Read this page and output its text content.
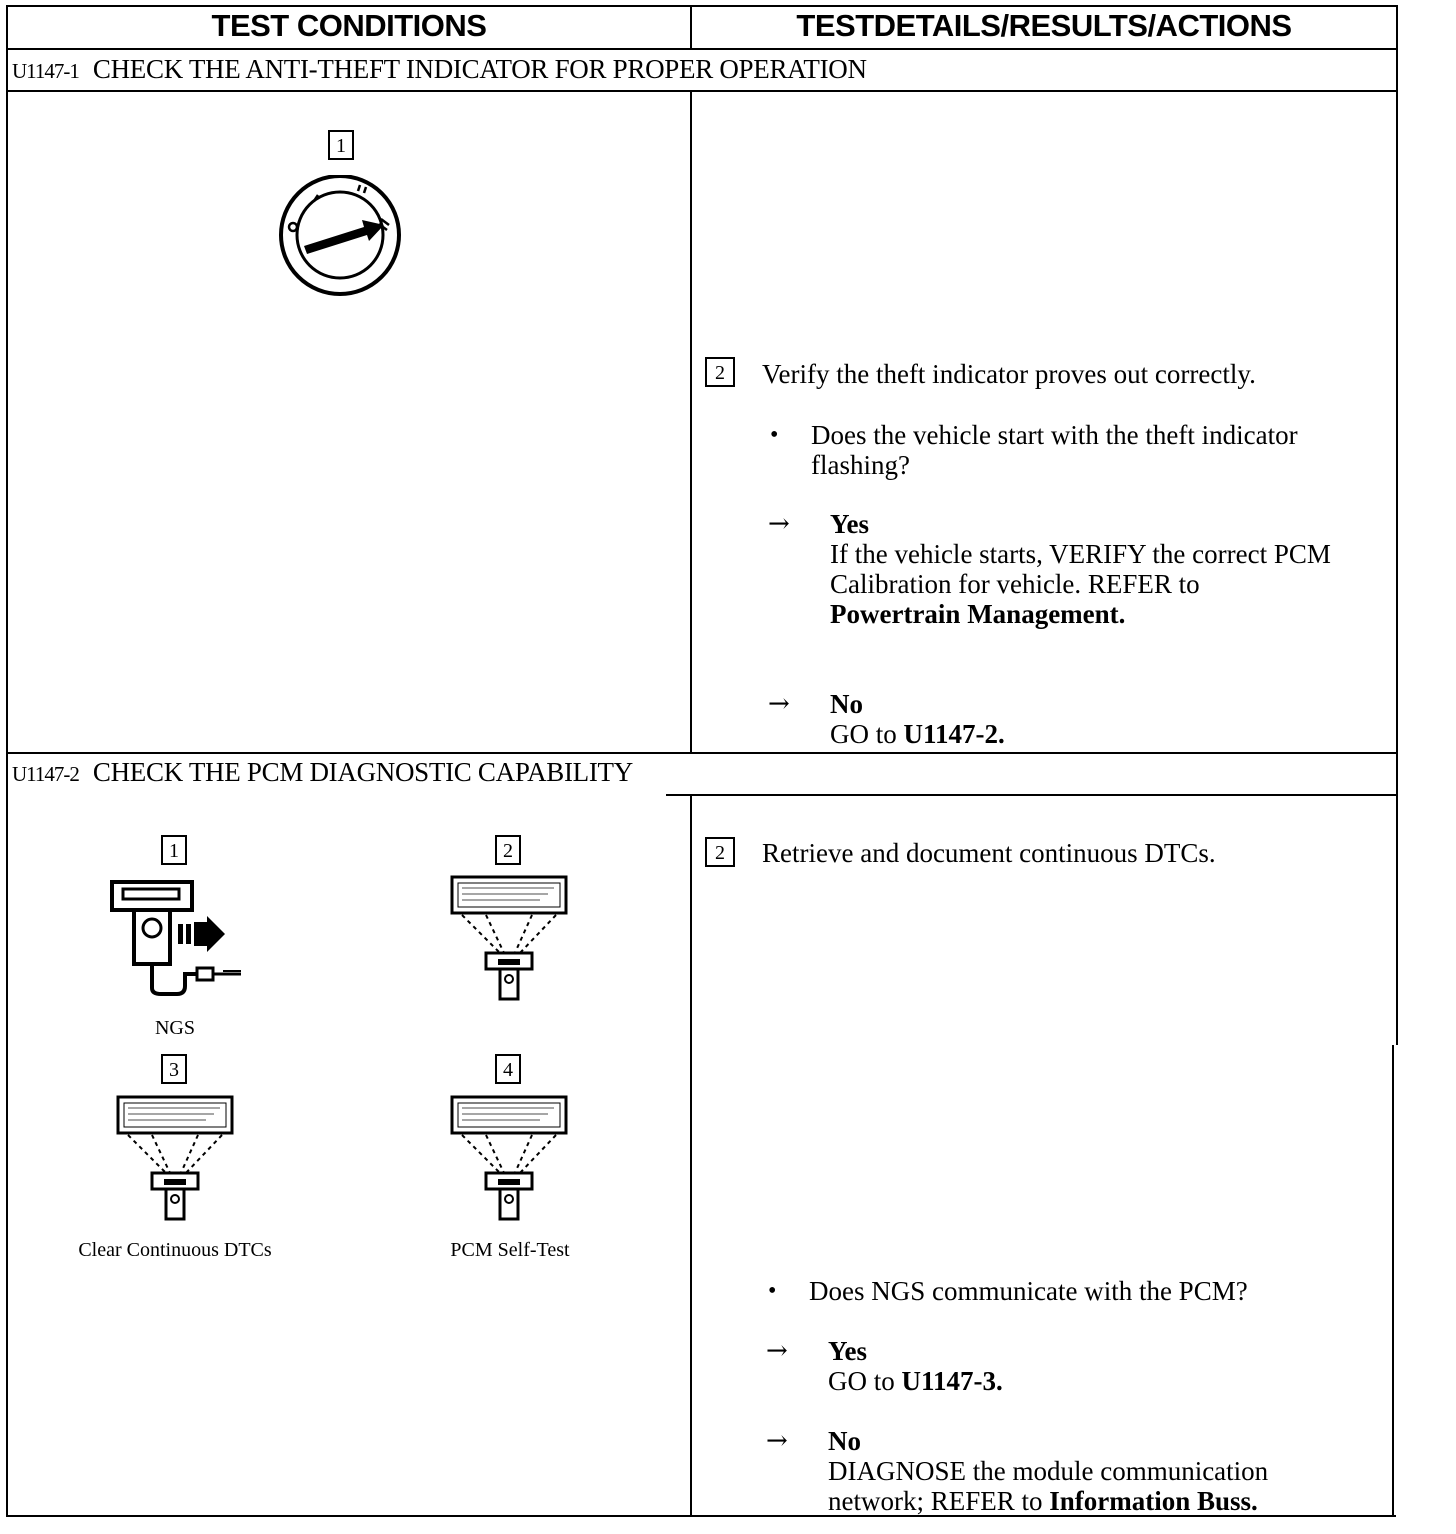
TEST CONDITIONS	TESTDETAILS/RESULTS/ACTIONS
U1147-1 CHECK THE ANTI-THEFT INDICATOR FOR PROPER OPERATION
1
2	Verify the theft indicator proves out correctly.
• Does the vehicle start with the theft indicator flashing?
→ Yes
If the vehicle starts, VERIFY the correct PCM Calibration for vehicle. REFER to
Powertrain Management.
→ No
GO to U1147-2.
U1147-2 CHECK THE PCM DIAGNOSTIC CAPABILITY
1	2
3	4
NGS
Clear Continuous DTCs	PCM Self-Test
2	Retrieve and document continuous DTCs.
• Does NGS communicate with the PCM?
→ Yes
GO to U1147-3.
→ No
DIAGNOSE the module communication network; REFER to Information Buss.
